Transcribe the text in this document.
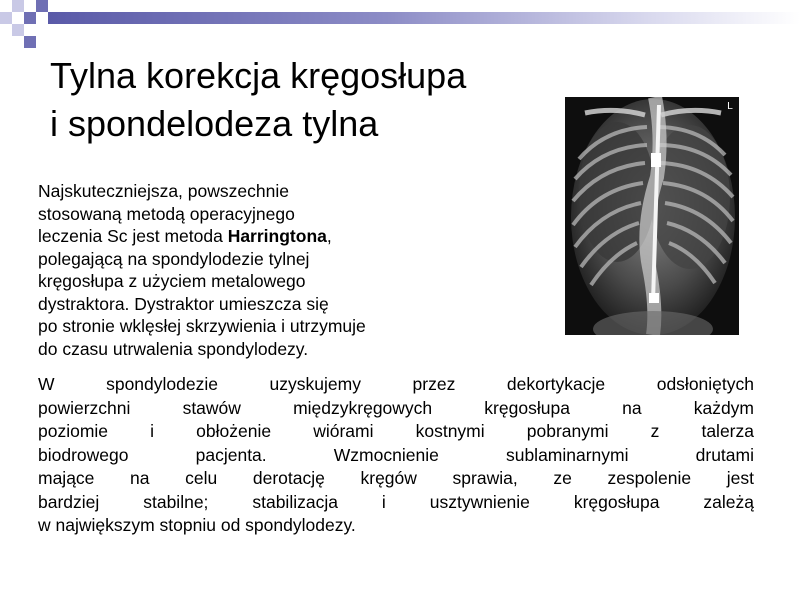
Tylna korekcja kręgosłupa
i spondelodeza tylna	L

Najskuteczniejsza, powszechnie
stosowaną metodą operacyjnego
leczenia Sc jest metoda Harringtona,
polegającą na spondylodezie tylnej
kręgosłupa z użyciem metalowego
dystraktora. Dystraktor umieszcza się
po stronie wklęsłej skrzywienia i utrzymuje
do czasu utrwalenia spondylodezy.

W spondylodezie uzyskujemy przez dekortykacje odsłoniętych
powierzchni stawów międzykręgowych kręgosłupa na każdym
poziomie i obłożenie wiórami kostnymi pobranymi z talerza
biodrowego pacjenta. Wzmocnienie sublaminarnymi drutami
mające na celu derotację kręgów sprawia, ze zespolenie jest
bardziej stabilne; stabilizacja i usztywnienie kręgosłupa zależą
w największym stopniu od spondylodezy.
